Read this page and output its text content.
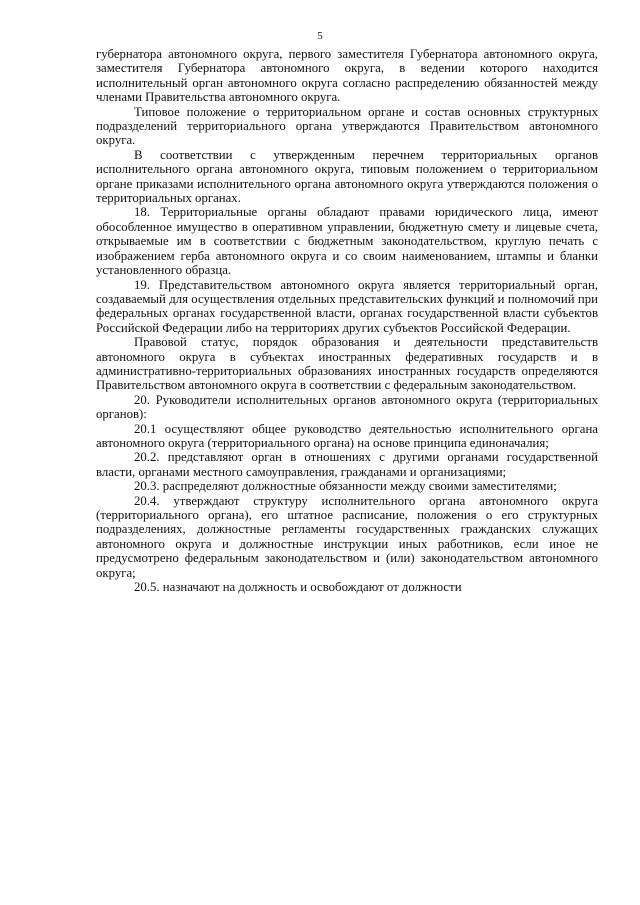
5

губернатора автономного округа, первого заместителя Губернатора автономного округа, заместителя Губернатора автономного округа, в ведении которого находится исполнительный орган автономного округа согласно распределению обязанностей между членами Правительства автономного округа.

Типовое положение о территориальном органе и состав основных структурных подразделений территориального органа утверждаются Правительством автономного округа.

В соответствии с утвержденным перечнем территориальных органов исполнительного органа автономного округа, типовым положением о территориальном органе приказами исполнительного органа автономного округа утверждаются положения о территориальных органах.

18. Территориальные органы обладают правами юридического лица, имеют обособленное имущество в оперативном управлении, бюджетную смету и лицевые счета, открываемые им в соответствии с бюджетным законодательством, круглую печать с изображением герба автономного округа и со своим наименованием, штампы и бланки установленного образца.

19. Представительством автономного округа является территориальный орган, создаваемый для осуществления отдельных представительских функций и полномочий при федеральных органах государственной власти, органах государственной власти субъектов Российской Федерации либо на территориях других субъектов Российской Федерации.

Правовой статус, порядок образования и деятельности представительств автономного округа в субъектах иностранных федеративных государств и в административно-территориальных образованиях иностранных государств определяются Правительством автономного округа в соответствии с федеральным законодательством.

20. Руководители исполнительных органов автономного округа (территориальных органов):

20.1 осуществляют общее руководство деятельностью исполнительного органа автономного округа (территориального органа) на основе принципа единоначалия;

20.2. представляют орган в отношениях с другими органами государственной власти, органами местного самоуправления, гражданами и организациями;

20.3. распределяют должностные обязанности между своими заместителями;

20.4. утверждают структуру исполнительного органа автономного округа (территориального органа), его штатное расписание, положения о его структурных подразделениях, должностные регламенты государственных гражданских служащих автономного округа и должностные инструкции иных работников, если иное не предусмотрено федеральным законодательством и (или) законодательством автономного округа;

20.5. назначают на должность и освобождают от должности
